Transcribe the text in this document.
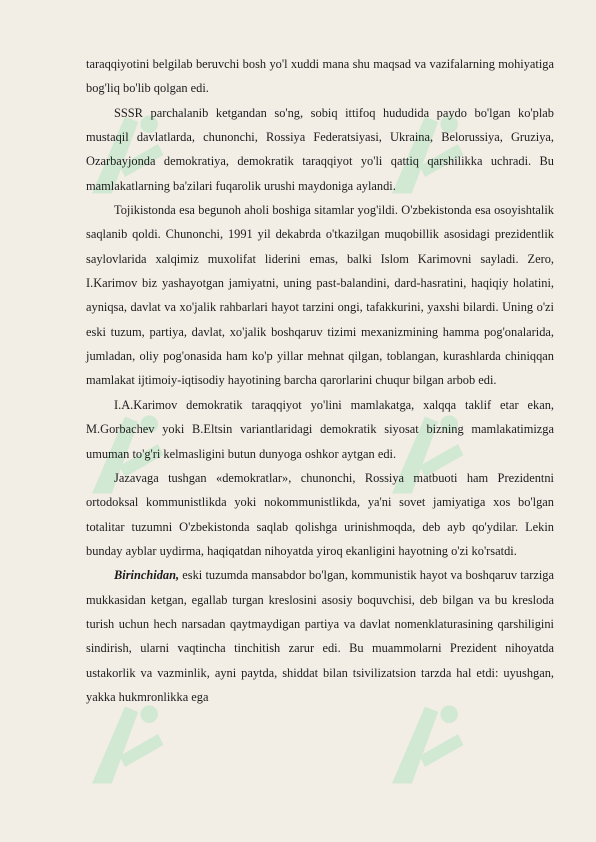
taraqqiyotini belgilab beruvchi bosh yo'l xuddi mana shu maqsad va vazifalarning mohiyatiga bog'liq bo'lib qolgan edi.

SSSR parchalanib ketgandan so'ng, sobiq ittifoq hududida paydo bo'lgan ko'plab mustaqil davlatlarda, chunonchi, Rossiya Federatsiyasi, Ukraina, Belorussiya, Gruziya, Ozarbayjonda demokratiya, demokratik taraqqiyot yo'li qattiq qarshilikka uchradi. Bu mamlakatlarning ba'zilari fuqarolik urushi maydoniga aylandi.

Tojikistonda esa begunoh aholi boshiga sitamlar yog'ildi. O'zbekistonda esa osoyishtalik saqlanib qoldi. Chunonchi, 1991 yil dekabrda o'tkazilgan muqobillik asosidagi prezidentlik saylovlarida xalqimiz muxolifat liderini emas, balki Islom Karimovni sayladi. Zero, I.Karimov biz yashayotgan jamiyatni, uning past-balandini, dard-hasratini, haqiqiy holatini, ayniqsa, davlat va xo'jalik rahbarlari hayot tarzini ongi, tafakkurini, yaxshi bilardi. Uning o'zi eski tuzum, partiya, davlat, xo'jalik boshqaruv tizimi mexanizmining hamma pog'onalarida, jumladan, oliy pog'onasida ham ko'p yillar mehnat qilgan, toblangan, kurashlarda chiniqqan mamlakat ijtimoiy-iqtisodiy hayotining barcha qarorlarini chuqur bilgan arbob edi.

I.A.Karimov demokratik taraqqiyot yo'lini mamlakatga, xalqqa taklif etar ekan, M.Gorbachev yoki B.Eltsin variantlaridagi demokratik siyosat bizning mamlakatimizga umuman to'g'ri kelmasligini butun dunyoga oshkor aytgan edi.

Jazavaga tushgan «demokratlar», chunonchi, Rossiya matbuoti ham Prezidentni ortodoksal kommunistlikda yoki nokommunistlikda, ya'ni sovet jamiyatiga xos bo'lgan totalitar tuzumni O'zbekistonda saqlab qolishga urinishmoqda, deb ayb qo'ydilar. Lekin bunday ayblar uydirma, haqiqatdan nihoyatda yiroq ekanligini hayotning o'zi ko'rsatdi.

Birinchidan, eski tuzumda mansabdor bo'lgan, kommunistik hayot va boshqaruv tarziga mukkasidan ketgan, egallab turgan kreslosini asosiy boquvchisi, deb bilgan va bu kresloda turish uchun hech narsadan qaytmaydigan partiya va davlat nomenklaturasining qarshiligini sindirish, ularni vaqtincha tinchitish zarur edi. Bu muammolarni Prezident nihoyatda ustakorlik va vazminlik, ayni paytda, shiddat bilan tsivilizatsion tarzda hal etdi: uyushgan, yakka hukmronlikka ega
